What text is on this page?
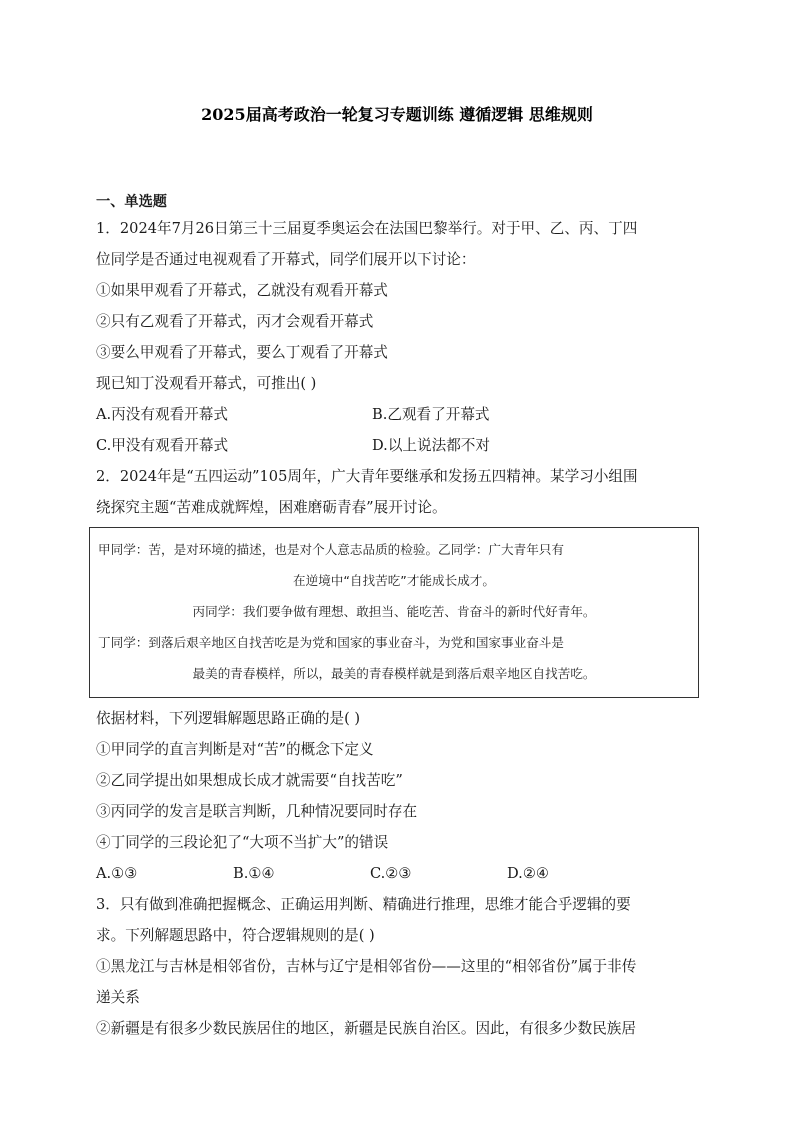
2025届高考政治一轮复习专题训练 遵循逻辑 思维规则
一、单选题
1．2024年7月26日第三十三届夏季奥运会在法国巴黎举行。对于甲、乙、丙、丁四
位同学是否通过电视观看了开幕式，同学们展开以下讨论：
①如果甲观看了开幕式，乙就没有观看开幕式
②只有乙观看了开幕式，丙才会观看开幕式
③要么甲观看了开幕式，要么丁观看了开幕式
现已知丁没观看开幕式，可推出( )
A.丙没有观看开幕式	B.乙观看了开幕式
C.甲没有观看开幕式	D.以上说法都不对
2．2024年是“五四运动”105周年，广大青年要继承和发扬五四精神。某学习小组围
绕探究主题“苦难成就辉煌，困难磨砺青春”展开讨论。
甲同学：苦，是对环境的描述，也是对个人意志品质的检验。乙同学：广大青年只有
在逆境中“自找苦吃”才能成长成才。
丙同学：我们要争做有理想、敢担当、能吃苦、肯奋斗的新时代好青年。
丁同学：到落后艰辛地区自找苦吃是为党和国家的事业奋斗，为党和国家事业奋斗是
最美的青春模样，所以，最美的青春模样就是到落后艰辛地区自找苦吃。
依据材料，下列逻辑解题思路正确的是( )
①甲同学的直言判断是对“苦”的概念下定义
②乙同学提出如果想成长成才就需要“自找苦吃”
③丙同学的发言是联言判断，几种情况要同时存在
④丁同学的三段论犯了“大项不当扩大”的错误
A.①③	B.①④	C.②③	D.②④
3．只有做到准确把握概念、正确运用判断、精确进行推理，思维才能合乎逻辑的要
求。下列解题思路中，符合逻辑规则的是( )
①黑龙江与吉林是相邻省份，吉林与辽宁是相邻省份——这里的“相邻省份”属于非传
递关系
②新疆是有很多少数民族居住的地区，新疆是民族自治区。因此，有很多少数民族居
